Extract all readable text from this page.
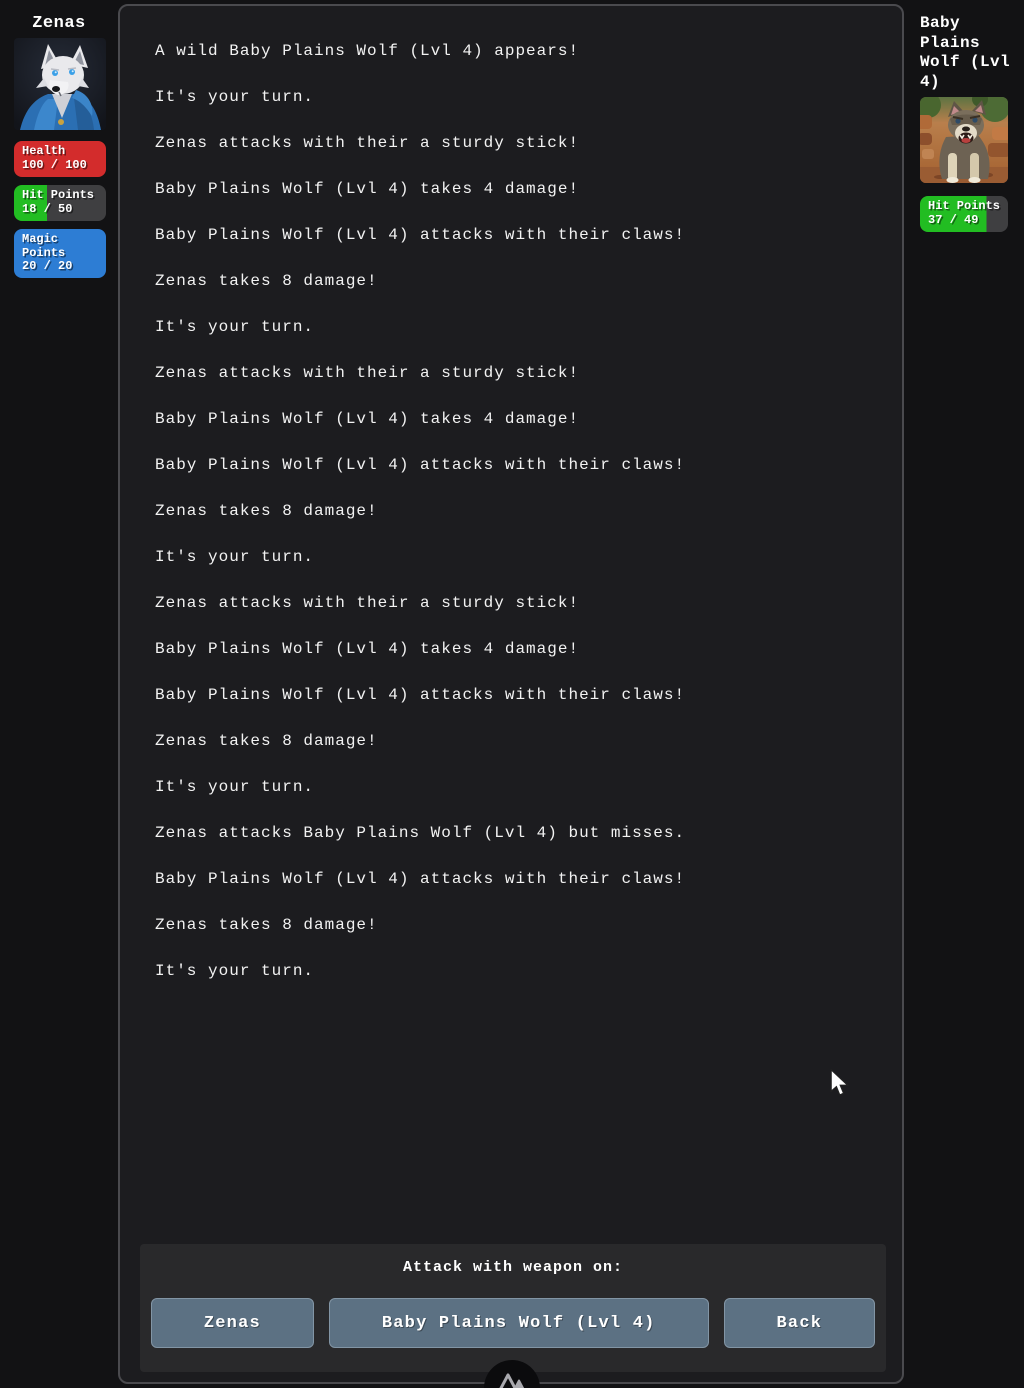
Zenas
Health
100 / 100
Hit Points
18 / 50
Magic Points
20 / 20

A wild Baby Plains Wolf (Lvl 4) appears!

It's your turn.

Zenas attacks with their a sturdy stick!

Baby Plains Wolf (Lvl 4) takes 4 damage!

Baby Plains Wolf (Lvl 4) attacks with their claws!

Zenas takes 8 damage!

It's your turn.

Zenas attacks with their a sturdy stick!

Baby Plains Wolf (Lvl 4) takes 4 damage!

Baby Plains Wolf (Lvl 4) attacks with their claws!

Zenas takes 8 damage!

It's your turn.

Zenas attacks with their a sturdy stick!

Baby Plains Wolf (Lvl 4) takes 4 damage!

Baby Plains Wolf (Lvl 4) attacks with their claws!

Zenas takes 8 damage!

It's your turn.

Zenas attacks Baby Plains Wolf (Lvl 4) but misses.

Baby Plains Wolf (Lvl 4) attacks with their claws!

Zenas takes 8 damage!

It's your turn.

Attack with weapon on:
Zenas	Baby Plains Wolf (Lvl 4)	Back
Baby Plains Wolf (Lvl 4)
Hit Points
37 / 49
